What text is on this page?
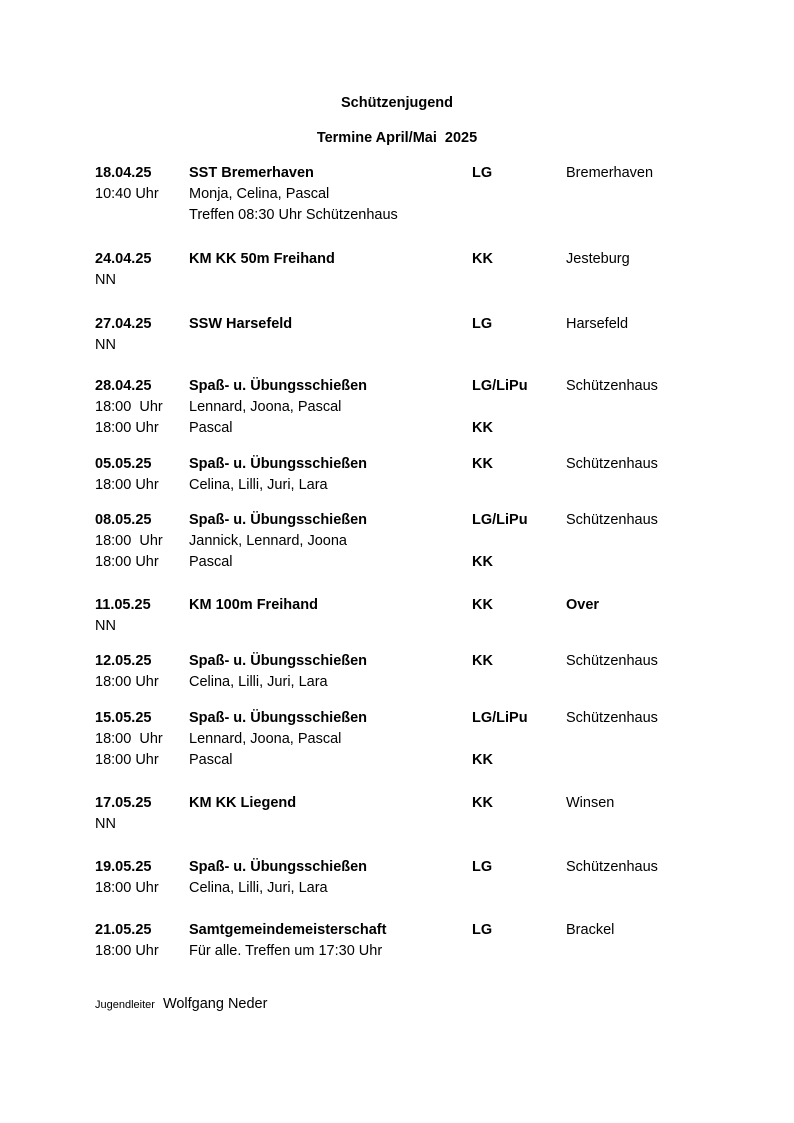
Schützenjugend
Termine April/Mai  2025
18.04.25	SST Bremerhaven	LG	Bremerhaven
10:40 Uhr Monja, Celina, Pascal
Treffen 08:30 Uhr Schützenhaus
24.04.25	KM KK 50m Freihand	KK	Jesteburg
NN
27.04.25	SSW Harsefeld	LG	Harsefeld
NN
28.04.25	Spaß- u. Übungsschießen	LG/LiPu	Schützenhaus
18:00  Uhr Lennard, Joona, Pascal
18:00 Uhr Pascal	KK
05.05.25	Spaß- u. Übungsschießen	KK	Schützenhaus
18:00 Uhr Celina, Lilli, Juri, Lara
08.05.25	Spaß- u. Übungsschießen	LG/LiPu	Schützenhaus
18:00  Uhr Jannick, Lennard, Joona
18:00 Uhr Pascal	KK
11.05.25	KM 100m Freihand	KK	Over
NN
12.05.25	Spaß- u. Übungsschießen	KK	Schützenhaus
18:00 Uhr Celina, Lilli, Juri, Lara
15.05.25	Spaß- u. Übungsschießen	LG/LiPu	Schützenhaus
18:00  Uhr Lennard, Joona, Pascal
18:00 Uhr Pascal	KK
17.05.25	KM KK Liegend	KK	Winsen
NN
19.05.25	Spaß- u. Übungsschießen	LG	Schützenhaus
18:00 Uhr Celina, Lilli, Juri, Lara
21.05.25	Samtgemeindemeisterschaft	LG	Brackel
18:00 Uhr Für alle. Treffen um 17:30 Uhr
Jugendleiter Wolfgang Neder
